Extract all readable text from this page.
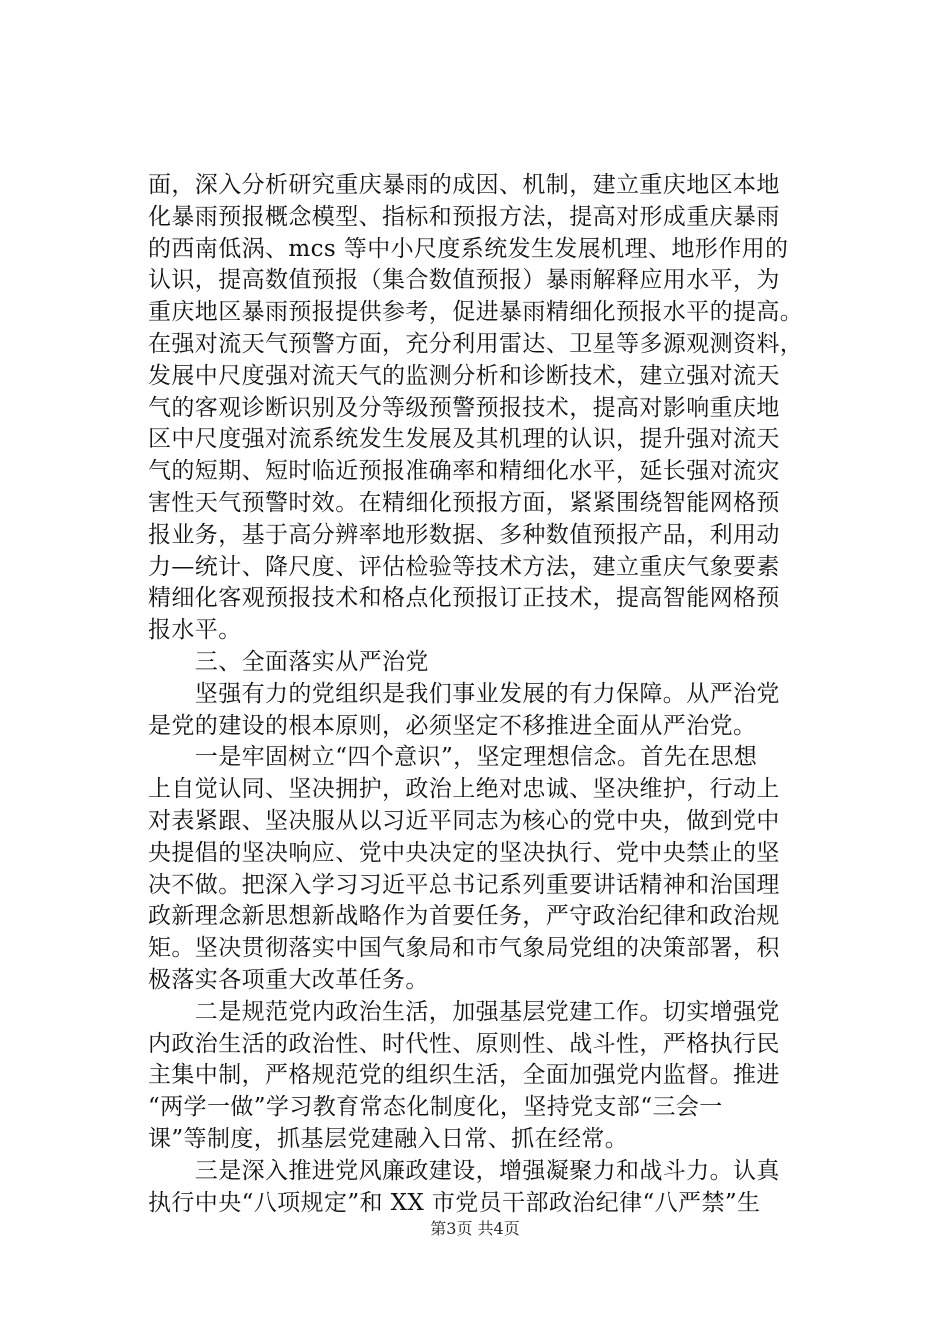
面，深入分析研究重庆暴雨的成因、机制，建立重庆地区本地
化暴雨预报概念模型、指标和预报方法，提高对形成重庆暴雨
的西南低涡、mcs 等中小尺度系统发生发展机理、地形作用的
认识，提高数值预报（集合数值预报）暴雨解释应用水平，为
重庆地区暴雨预报提供参考，促进暴雨精细化预报水平的提高。
在强对流天气预警方面，充分利用雷达、卫星等多源观测资料，
发展中尺度强对流天气的监测分析和诊断技术，建立强对流天
气的客观诊断识别及分等级预警预报技术，提高对影响重庆地
区中尺度强对流系统发生发展及其机理的认识，提升强对流天
气的短期、短时临近预报准确率和精细化水平，延长强对流灾
害性天气预警时效。在精细化预报方面，紧紧围绕智能网格预
报业务，基于高分辨率地形数据、多种数值预报产品，利用动
力—统计、降尺度、评估检验等技术方法，建立重庆气象要素
精细化客观预报技术和格点化预报订正技术，提高智能网格预
报水平。
　　三、全面落实从严治党
　　坚强有力的党组织是我们事业发展的有力保障。从严治党
是党的建设的根本原则，必须坚定不移推进全面从严治党。
　　一是牢固树立“四个意识”，坚定理想信念。首先在思想
上自觉认同、坚决拥护，政治上绝对忠诚、坚决维护，行动上
对表紧跟、坚决服从以习近平同志为核心的党中央，做到党中
央提倡的坚决响应、党中央决定的坚决执行、党中央禁止的坚
决不做。把深入学习习近平总书记系列重要讲话精神和治国理
政新理念新思想新战略作为首要任务，严守政治纪律和政治规
矩。坚决贯彻落实中国气象局和市气象局党组的决策部署，积
极落实各项重大改革任务。
　　二是规范党内政治生活，加强基层党建工作。切实增强党
内政治生活的政治性、时代性、原则性、战斗性，严格执行民
主集中制，严格规范党的组织生活，全面加强党内监督。推进
“两学一做”学习教育常态化制度化，坚持党支部“三会一
课”等制度，抓基层党建融入日常、抓在经常。
　　三是深入推进党风廉政建设，增强凝聚力和战斗力。认真
执行中央“八项规定”和 XX 市党员干部政治纪律“八严禁”生
第3页 共4页
